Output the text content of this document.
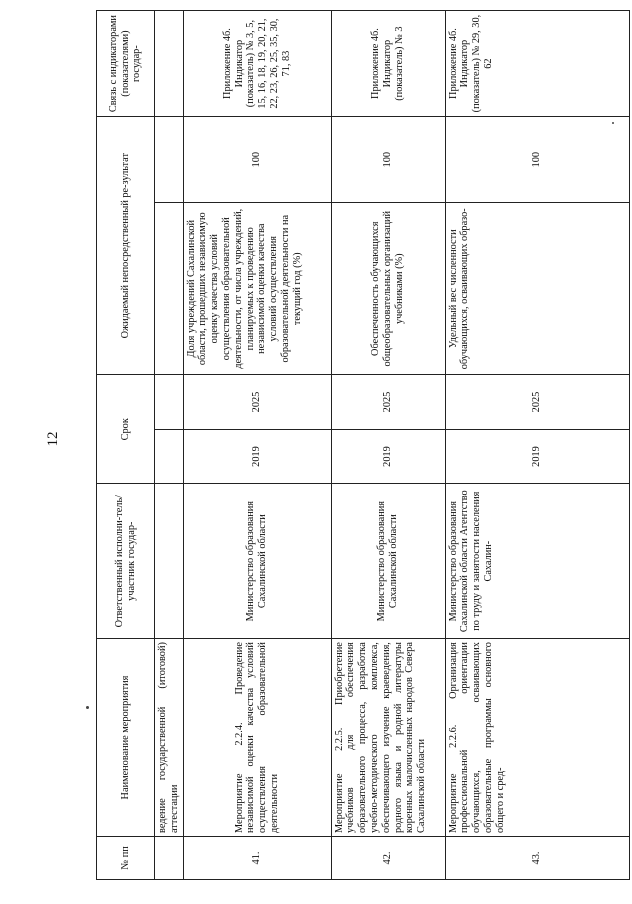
12
№ пп	Наименование мероприятия	Ответственный исполни-тель/участник государ-	Срок		Ожидаемый непосредственный ре-зультат		Связь с индикаторами (показателями) государ-
	ведение государственной (итоговой) аттестации						
41.	Мероприятие 2.2.4. Проведение независимой оценки качества условий осуществления образовательной деятельности	Министерство образования Сахалинской области	2019	2025	Доля учреждений Сахалинской области, прошедших независимую оценку качества условий осуществления образовательной деятельности, от числа учреждений, планируемых к проведению независимой оценки качества условий осуществления образовательной деятельности на текущий год (%)	100	Приложение 4б. Индикатор (показатель) № 3, 5, 15, 16, 18, 19, 20, 21, 22, 23, 26, 25, 35, 30, 71, 83
42.	Мероприятие 2.2.5. Приобретение учебников для обеспечения образовательного процесса, разработка учебно-методического комплекса, обеспечивающего изучение краеведения, родного языка и родной литературы коренных малочисленных народов Севера Сахалинской области	Министерство образования Сахалинской области	2019	2025	Обеспеченность обучающихся общеобразовательных организаций учебниками (%)	100	Приложение 4б. Индикатор (показатель) № 3
43.	Мероприятие 2.2.6. Организация профессиональной ориентации обучающихся, осваивающих образовательные программы основного общего и сред-	Министерство образования Сахалинской области Агентство по труду и занятости населения Сахалин-	2019	2025	Удельный вес численности обучающихся, осваивающих образо-	100	Приложение 4б. Индикатор (показатель) № 29, 30, 62
